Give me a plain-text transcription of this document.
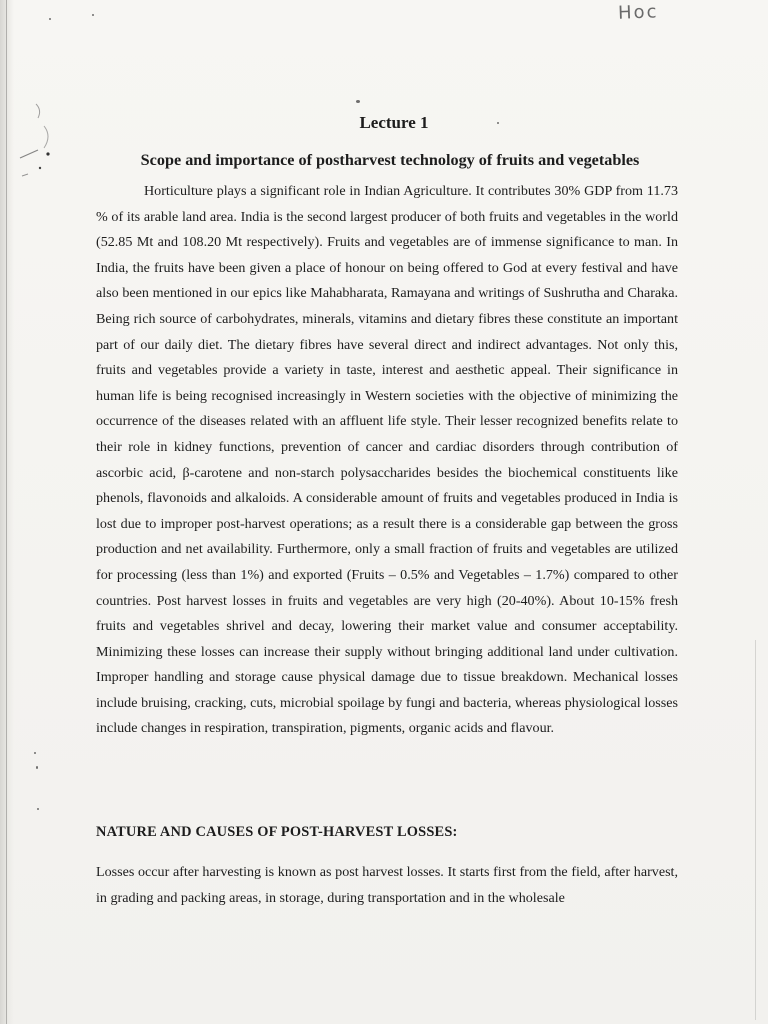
Hoc
Lecture 1
Scope and importance of postharvest technology of fruits and vegetables

Horticulture plays a significant role in Indian Agriculture. It contributes 30% GDP from 11.73 % of its arable land area. India is the second largest producer of both fruits and vegetables in the world (52.85 Mt and 108.20 Mt respectively). Fruits and vegetables are of immense significance to man. In India, the fruits have been given a place of honour on being offered to God at every festival and have also been mentioned in our epics like Mahabharata, Ramayana and writings of Sushrutha and Charaka. Being rich source of carbohydrates, minerals, vitamins and dietary fibres these constitute an important part of our daily diet. The dietary fibres have several direct and indirect advantages. Not only this, fruits and vegetables provide a variety in taste, interest and aesthetic appeal. Their significance in human life is being recognised increasingly in Western societies with the objective of minimizing the occurrence of the diseases related with an affluent life style. Their lesser recognized benefits relate to their role in kidney functions, prevention of cancer and cardiac disorders through contribution of ascorbic acid, β-carotene and non-starch polysaccharides besides the biochemical constituents like phenols, flavonoids and alkaloids. A considerable amount of fruits and vegetables produced in India is lost due to improper post-harvest operations; as a result there is a considerable gap between the gross production and net availability. Furthermore, only a small fraction of fruits and vegetables are utilized for processing (less than 1%) and exported (Fruits – 0.5% and Vegetables – 1.7%) compared to other countries. Post harvest losses in fruits and vegetables are very high (20-40%). About 10-15% fresh fruits and vegetables shrivel and decay, lowering their market value and consumer acceptability. Minimizing these losses can increase their supply without bringing additional land under cultivation. Improper handling and storage cause physical damage due to tissue breakdown. Mechanical losses include bruising, cracking, cuts, microbial spoilage by fungi and bacteria, whereas physiological losses include changes in respiration, transpiration, pigments, organic acids and flavour.

NATURE AND CAUSES OF POST-HARVEST LOSSES:

Losses occur after harvesting is known as post harvest losses. It starts first from the field, after harvest, in grading and packing areas, in storage, during transportation and in the wholesale
